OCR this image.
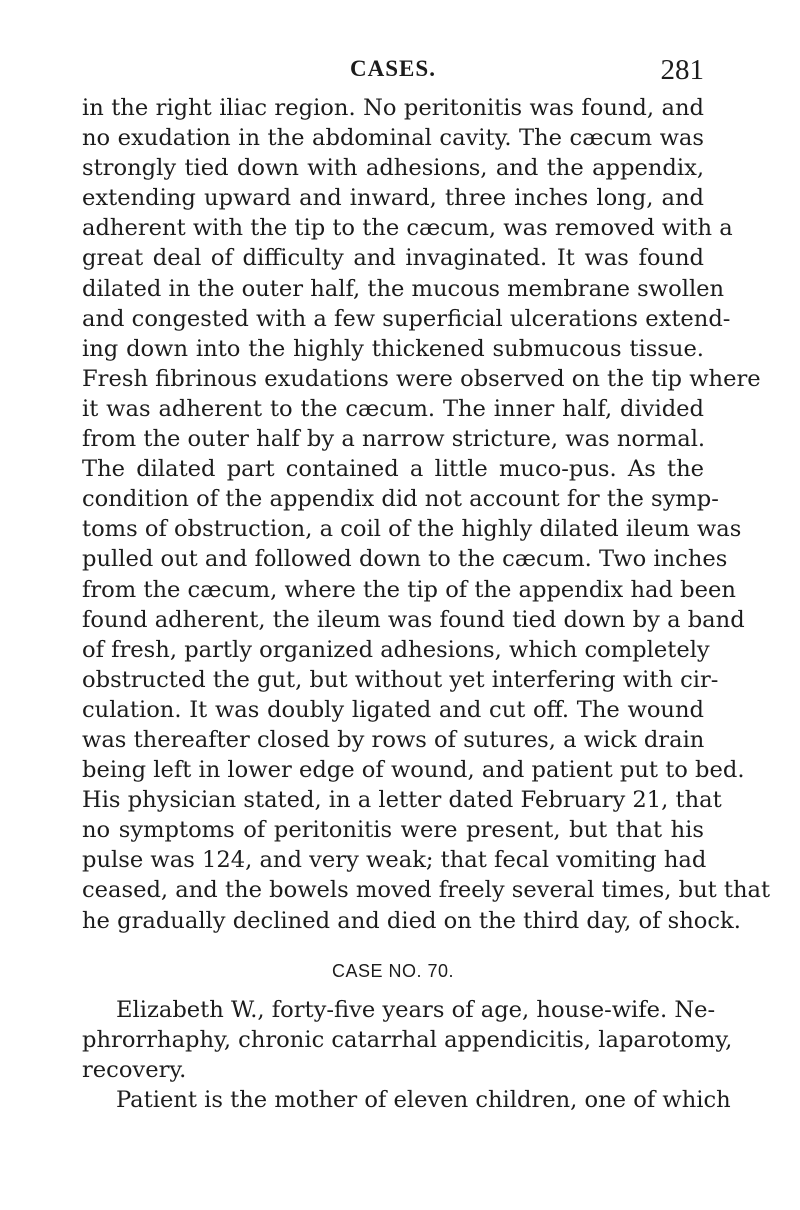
CASES.	281
in the right iliac region. No peritonitis was found, and
no exudation in the abdominal cavity. The cæcum was
strongly tied down with adhesions, and the appendix,
extending upward and inward, three inches long, and
adherent with the tip to the cæcum, was removed with a
great deal of difficulty and invaginated. It was found
dilated in the outer half, the mucous membrane swollen
and congested with a few superficial ulcerations extend-
ing down into the highly thickened submucous tissue.
Fresh fibrinous exudations were observed on the tip where
it was adherent to the cæcum. The inner half, divided
from the outer half by a narrow stricture, was normal.
The dilated part contained a little muco-pus. As the
condition of the appendix did not account for the symp-
toms of obstruction, a coil of the highly dilated ileum was
pulled out and followed down to the cæcum. Two inches
from the cæcum, where the tip of the appendix had been
found adherent, the ileum was found tied down by a band
of fresh, partly organized adhesions, which completely
obstructed the gut, but without yet interfering with cir-
culation. It was doubly ligated and cut off. The wound
was thereafter closed by rows of sutures, a wick drain
being left in lower edge of wound, and patient put to bed.
His physician stated, in a letter dated February 21, that
no symptoms of peritonitis were present, but that his
pulse was 124, and very weak; that fecal vomiting had
ceased, and the bowels moved freely several times, but that
he gradually declined and died on the third day, of shock.
CASE NO. 70.
Elizabeth W., forty-five years of age, house-wife. Ne-
phrorrhaphy, chronic catarrhal appendicitis, laparotomy,
recovery.
Patient is the mother of eleven children, one of which
